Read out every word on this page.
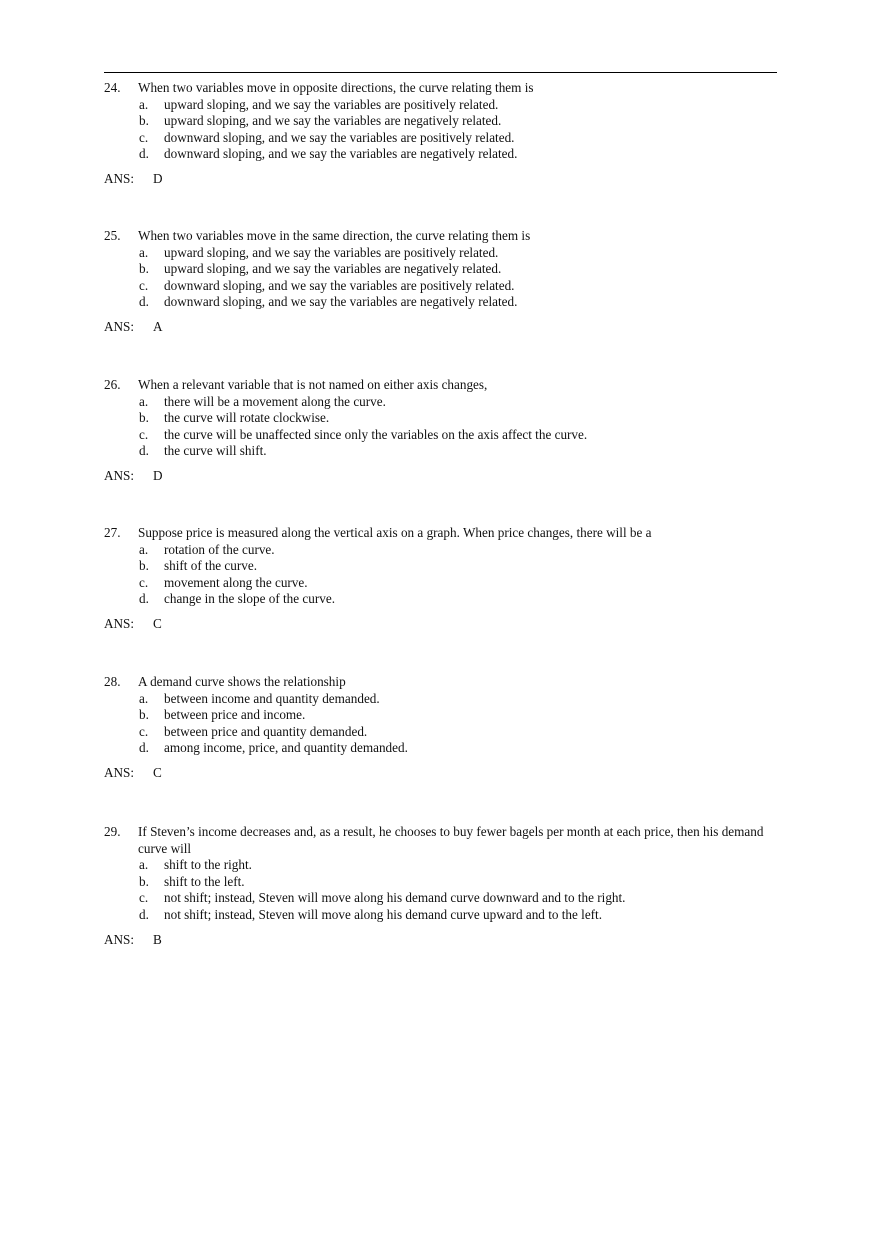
24. When two variables move in opposite directions, the curve relating them is
a. upward sloping, and we say the variables are positively related.
b. upward sloping, and we say the variables are negatively related.
c. downward sloping, and we say the variables are positively related.
d. downward sloping, and we say the variables are negatively related.
ANS: D
25. When two variables move in the same direction, the curve relating them is
a. upward sloping, and we say the variables are positively related.
b. upward sloping, and we say the variables are negatively related.
c. downward sloping, and we say the variables are positively related.
d. downward sloping, and we say the variables are negatively related.
ANS: A
26. When a relevant variable that is not named on either axis changes,
a. there will be a movement along the curve.
b. the curve will rotate clockwise.
c. the curve will be unaffected since only the variables on the axis affect the curve.
d. the curve will shift.
ANS: D
27. Suppose price is measured along the vertical axis on a graph. When price changes, there will be a
a. rotation of the curve.
b. shift of the curve.
c. movement along the curve.
d. change in the slope of the curve.
ANS: C
28. A demand curve shows the relationship
a. between income and quantity demanded.
b. between price and income.
c. between price and quantity demanded.
d. among income, price, and quantity demanded.
ANS: C
29. If Steven’s income decreases and, as a result, he chooses to buy fewer bagels per month at each price, then his demand curve will
a. shift to the right.
b. shift to the left.
c. not shift; instead, Steven will move along his demand curve downward and to the right.
d. not shift; instead, Steven will move along his demand curve upward and to the left.
ANS: B
